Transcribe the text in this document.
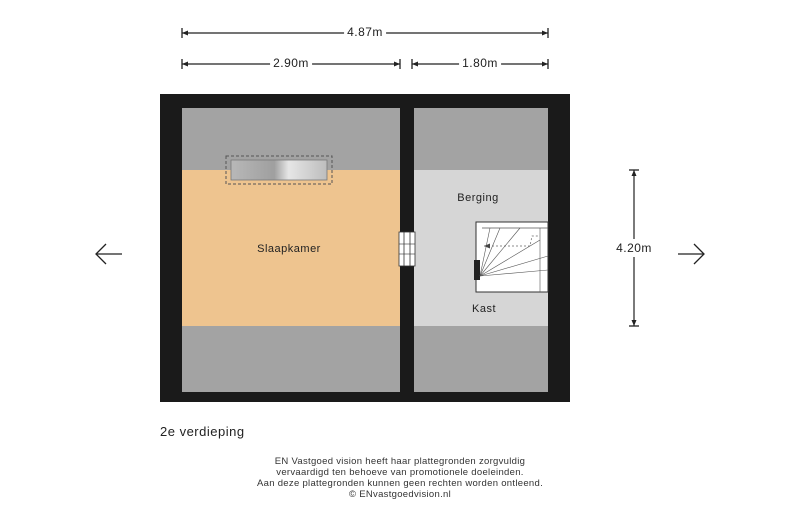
4.87m
2.90m	1.80m
4.20m
Slaapkamer
Berging
Kast
2e verdieping
EN Vastgoed vision heeft haar plattegronden zorgvuldig
vervaardigd ten behoeve van promotionele doeleinden.
Aan deze plattegronden kunnen geen rechten worden ontleend.
© ENvastgoedvision.nl
